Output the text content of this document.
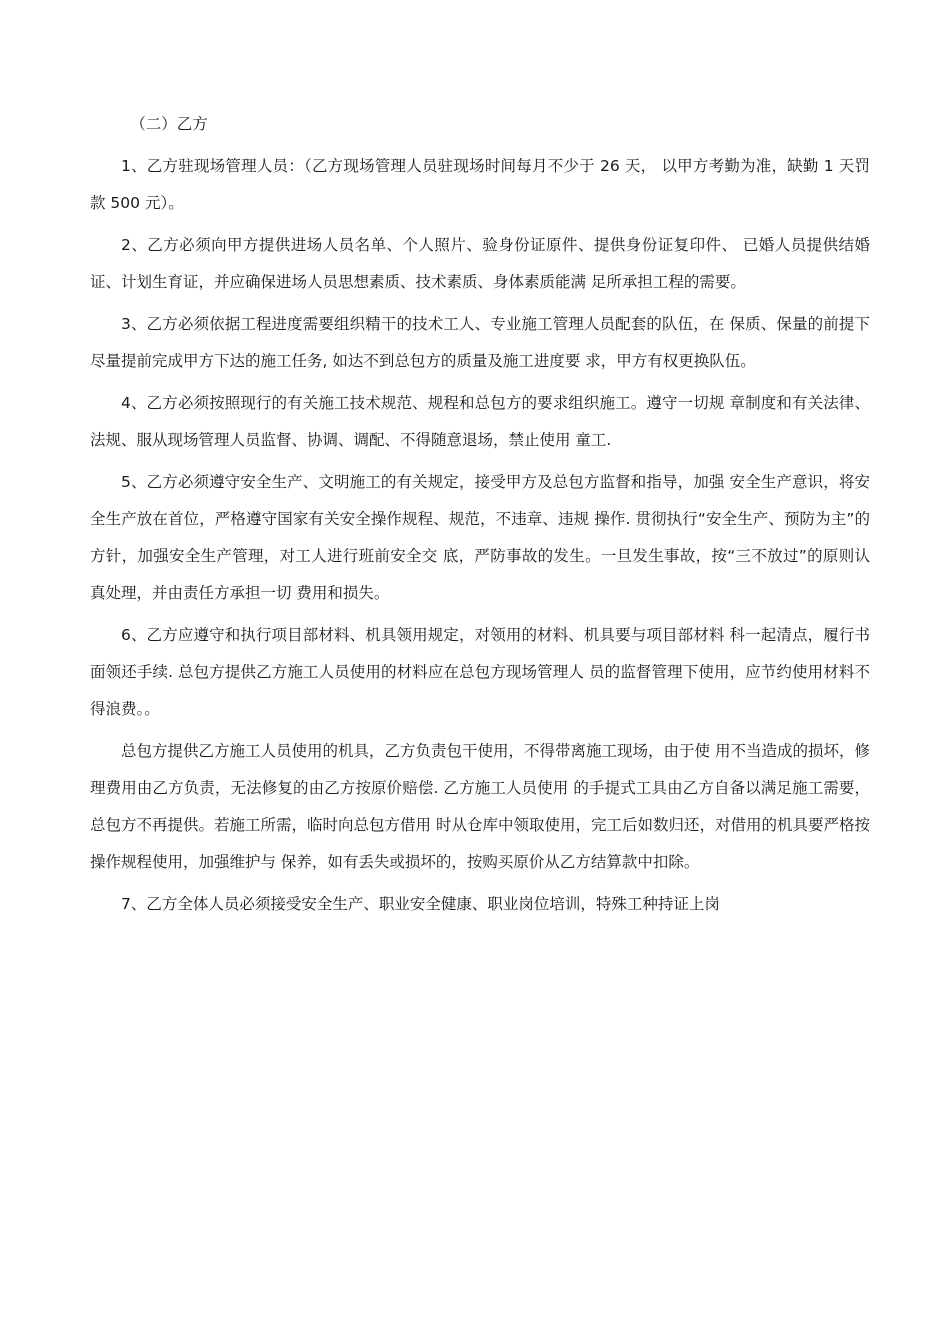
（二）乙方

1、乙方驻现场管理人员：（乙方现场管理人员驻现场时间每月不少于 26 天， 以甲方考勤为准，缺勤 1 天罚款 500 元）。

2、乙方必须向甲方提供进场人员名单、个人照片、验身份证原件、提供身份证复印件、 已婚人员提供结婚证、计划生育证，并应确保进场人员思想素质、技术素质、身体素质能满 足所承担工程的需要。

3、乙方必须依据工程进度需要组织精干的技术工人、专业施工管理人员配套的队伍，在 保质、保量的前提下尽量提前完成甲方下达的施工任务, 如达不到总包方的质量及施工进度要 求，甲方有权更换队伍。

4、乙方必须按照现行的有关施工技术规范、规程和总包方的要求组织施工。遵守一切规 章制度和有关法律、法规、服从现场管理人员监督、协调、调配、不得随意退场，禁止使用 童工.

5、乙方必须遵守安全生产、文明施工的有关规定，接受甲方及总包方监督和指导，加强 安全生产意识，将安全生产放在首位，严格遵守国家有关安全操作规程、规范，不违章、违规 操作. 贯彻执行“安全生产、预防为主”的方针，加强安全生产管理，对工人进行班前安全交 底，严防事故的发生。一旦发生事故，按“三不放过”的原则认真处理，并由责任方承担一切 费用和损失。

6、乙方应遵守和执行项目部材料、机具领用规定，对领用的材料、机具要与项目部材料 科一起清点，履行书面领还手续. 总包方提供乙方施工人员使用的材料应在总包方现场管理人 员的监督管理下使用，应节约使用材料不得浪费。。

总包方提供乙方施工人员使用的机具，乙方负责包干使用，不得带离施工现场，由于使 用不当造成的损坏，修理费用由乙方负责，无法修复的由乙方按原价赔偿. 乙方施工人员使用 的手提式工具由乙方自备以满足施工需要，总包方不再提供。若施工所需，临时向总包方借用 时从仓库中领取使用，完工后如数归还，对借用的机具要严格按操作规程使用，加强维护与 保养，如有丢失或损坏的，按购买原价从乙方结算款中扣除。

7、乙方全体人员必须接受安全生产、职业安全健康、职业岗位培训，特殊工种持证上岗
